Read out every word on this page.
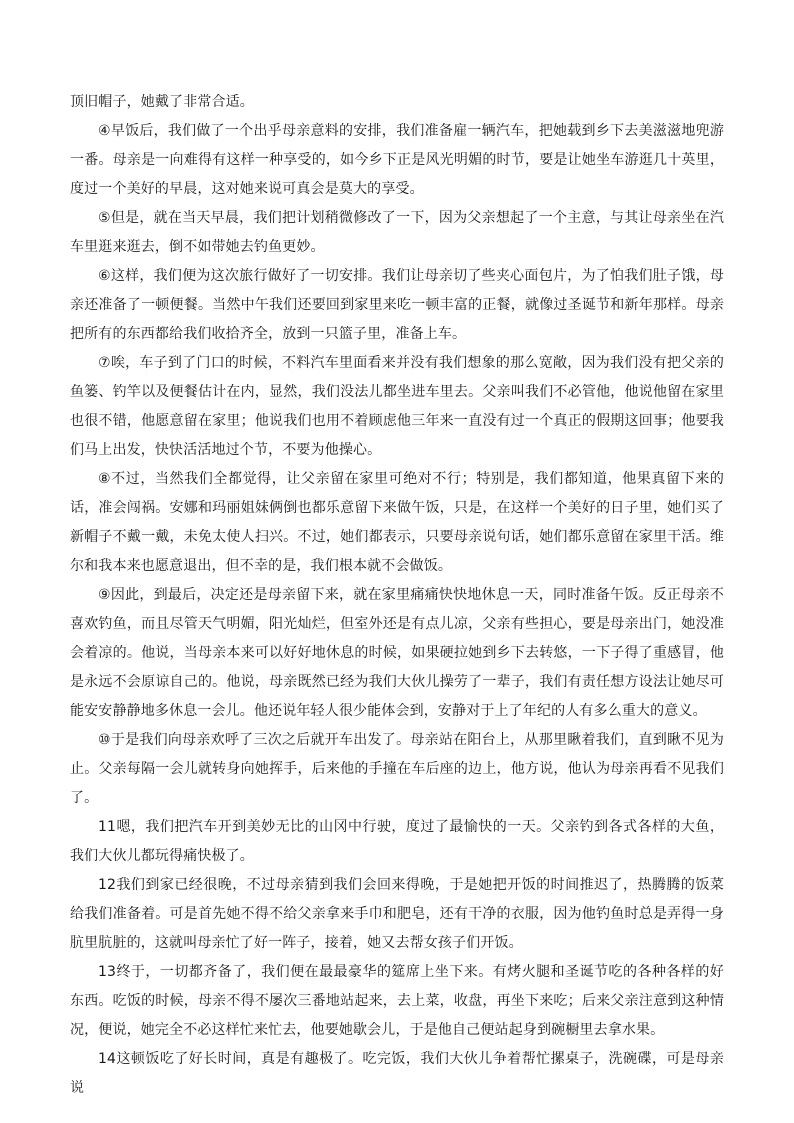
顶旧帽子，她戴了非常合适。

④早饭后，我们做了一个出乎母亲意料的安排，我们准备雇一辆汽车，把她载到乡下去美滋滋地兜游一番。母亲是一向难得有这样一种享受的，如今乡下正是风光明媚的时节，要是让她坐车游逛几十英里，度过一个美好的早晨，这对她来说可真会是莫大的享受。

⑤但是，就在当天早晨，我们把计划稍微修改了一下，因为父亲想起了一个主意，与其让母亲坐在汽车里逛来逛去，倒不如带她去钓鱼更妙。

⑥这样，我们便为这次旅行做好了一切安排。我们让母亲切了些夹心面包片，为了怕我们肚子饿，母亲还准备了一顿便餐。当然中午我们还要回到家里来吃一顿丰富的正餐，就像过圣诞节和新年那样。母亲把所有的东西都给我们收拾齐全，放到一只篮子里，准备上车。

⑦唉，车子到了门口的时候，不料汽车里面看来并没有我们想象的那么宽敞，因为我们没有把父亲的鱼篓、钓竿以及便餐估计在内，显然，我们没法儿都坐进车里去。父亲叫我们不必管他，他说他留在家里也很不错，他愿意留在家里；他说我们也用不着顾虑他三年来一直没有过一个真正的假期这回事；他要我们马上出发，快快活活地过个节，不要为他操心。

⑧不过，当然我们全都觉得，让父亲留在家里可绝对不行；特别是，我们都知道，他果真留下来的话，准会闯祸。安娜和玛丽姐妹俩倒也都乐意留下来做午饭，只是，在这样一个美好的日子里，她们买了新帽子不戴一戴，未免太使人扫兴。不过，她们都表示，只要母亲说句话，她们都乐意留在家里干活。维尔和我本来也愿意退出，但不幸的是，我们根本就不会做饭。

⑨因此，到最后，决定还是母亲留下来，就在家里痛痛快快地休息一天，同时准备午饭。反正母亲不喜欢钓鱼，而且尽管天气明媚，阳光灿烂，但室外还是有点儿凉，父亲有些担心，要是母亲出门，她没准会着凉的。他说，当母亲本来可以好好地休息的时候，如果硬拉她到乡下去转悠，一下子得了重感冒，他是永远不会原谅自己的。他说，母亲既然已经为我们大伙儿操劳了一辈子，我们有责任想方设法让她尽可能安安静静地多休息一会儿。他还说年轻人很少能体会到，安静对于上了年纪的人有多么重大的意义。

⑩于是我们向母亲欢呼了三次之后就开车出发了。母亲站在阳台上，从那里瞅着我们，直到瞅不见为止。父亲每隔一会儿就转身向她挥手，后来他的手撞在车后座的边上，他方说，他认为母亲再看不见我们了。

11嗯，我们把汽车开到美妙无比的山冈中行驶，度过了最愉快的一天。父亲钓到各式各样的大鱼，我们大伙儿都玩得痛快极了。

12我们到家已经很晚，不过母亲猜到我们会回来得晚，于是她把开饭的时间推迟了，热腾腾的饭菜给我们准备着。可是首先她不得不给父亲拿来手巾和肥皂，还有干净的衣服，因为他钓鱼时总是弄得一身肮里肮脏的，这就叫母亲忙了好一阵子，接着，她又去帮女孩子们开饭。

13终于，一切都齐备了，我们便在最最豪华的筵席上坐下来。有烤火腿和圣诞节吃的各种各样的好东西。吃饭的时候，母亲不得不屡次三番地站起来，去上菜，收盘，再坐下来吃；后来父亲注意到这种情况，便说，她完全不必这样忙来忙去，他要她歇会儿，于是他自己便站起身到碗橱里去拿水果。

14这顿饭吃了好长时间，真是有趣极了。吃完饭，我们大伙儿争着帮忙摞桌子，洗碗碟，可是母亲说
